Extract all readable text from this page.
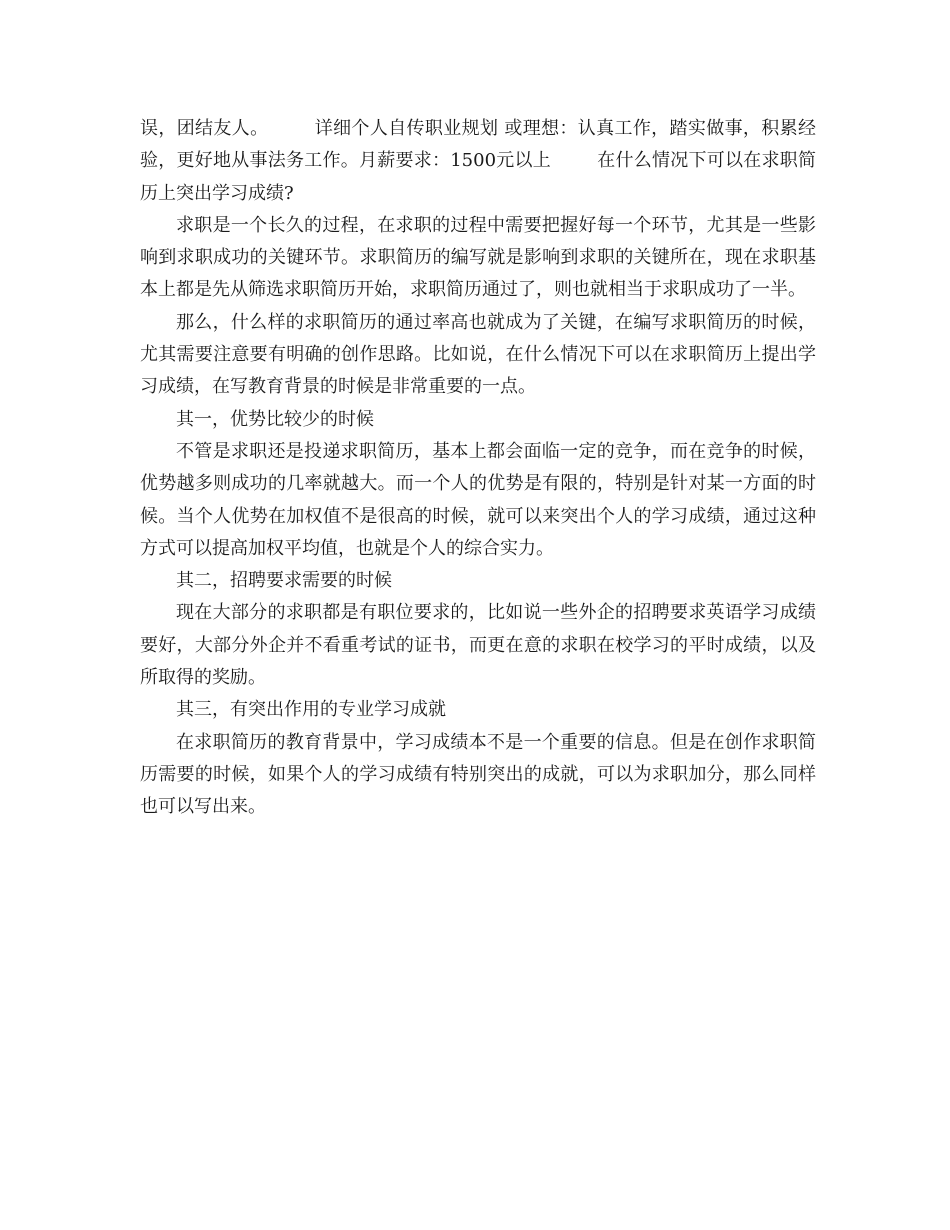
误，团结友人。	详细个人自传职业规划 或理想：认真工作，踏实做事，积累经验，更好地从事法务工作。月薪要求：1500元以上	在什么情况下可以在求职简历上突出学习成绩?

求职是一个长久的过程，在求职的过程中需要把握好每一个环节，尤其是一些影响到求职成功的关键环节。求职简历的编写就是影响到求职的关键所在，现在求职基本上都是先从筛选求职简历开始，求职简历通过了，则也就相当于求职成功了一半。

那么，什么样的求职简历的通过率高也就成为了关键，在编写求职简历的时候，尤其需要注意要有明确的创作思路。比如说，在什么情况下可以在求职简历上提出学习成绩，在写教育背景的时候是非常重要的一点。

其一，优势比较少的时候

不管是求职还是投递求职简历，基本上都会面临一定的竞争，而在竞争的时候，优势越多则成功的几率就越大。而一个人的优势是有限的，特别是针对某一方面的时候。当个人优势在加权值不是很高的时候，就可以来突出个人的学习成绩，通过这种方式可以提高加权平均值，也就是个人的综合实力。

其二，招聘要求需要的时候

现在大部分的求职都是有职位要求的，比如说一些外企的招聘要求英语学习成绩要好，大部分外企并不看重考试的证书，而更在意的求职在校学习的平时成绩，以及所取得的奖励。

其三，有突出作用的专业学习成就

在求职简历的教育背景中，学习成绩本不是一个重要的信息。但是在创作求职简历需要的时候，如果个人的学习成绩有特别突出的成就，可以为求职加分，那么同样也可以写出来。
